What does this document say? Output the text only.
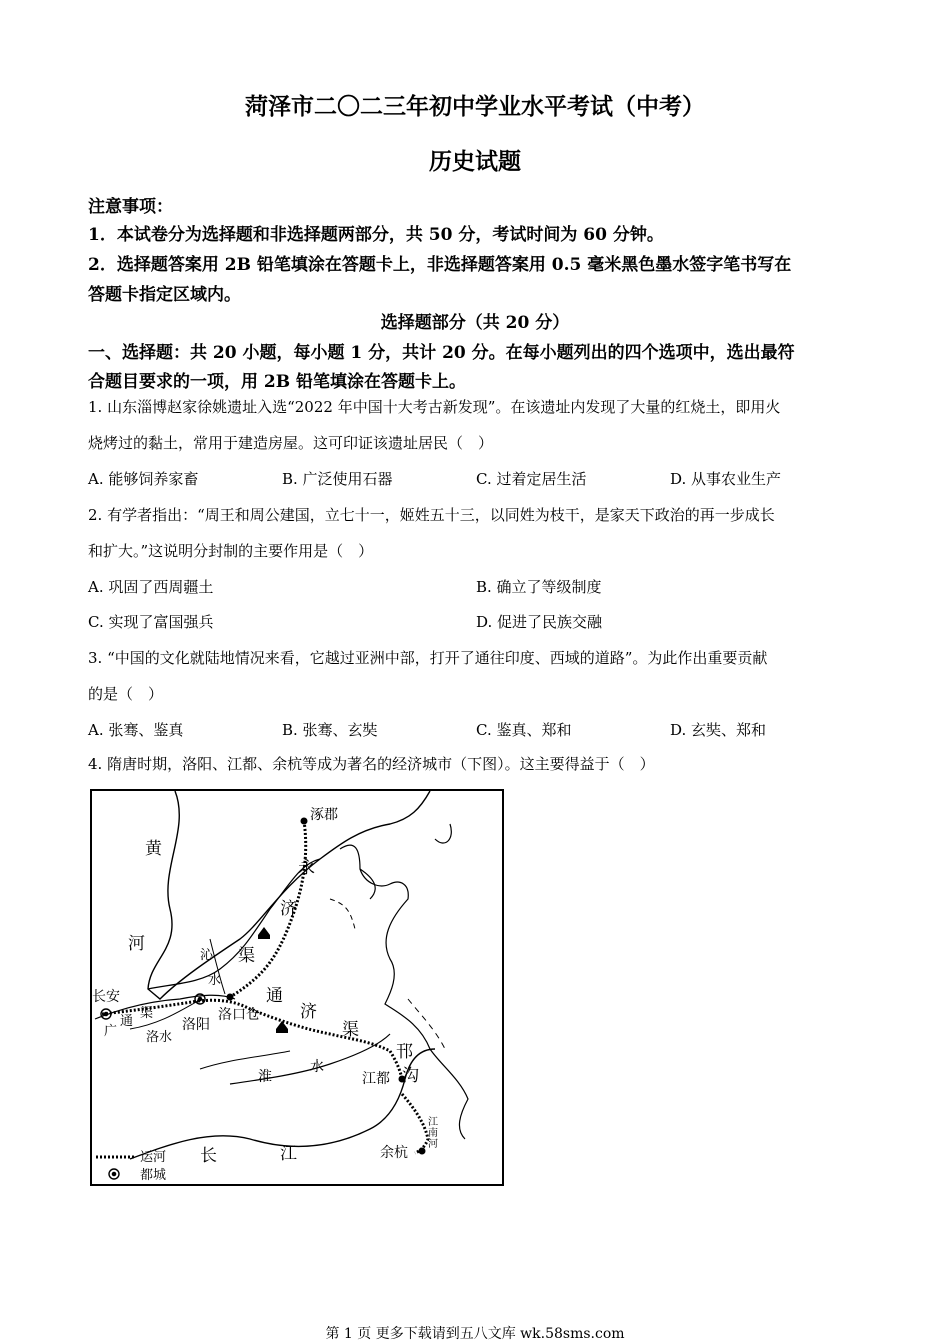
菏泽市二〇二三年初中学业水平考试（中考）
历史试题
注意事项：
1．本试卷分为选择题和非选择题两部分，共 50 分，考试时间为 60 分钟。
2．选择题答案用 2B 铅笔填涂在答题卡上，非选择题答案用 0.5 毫米黑色墨水签字笔书写在
答题卡指定区域内。
选择题部分（共 20 分）
一、选择题：共 20 小题，每小题 1 分，共计 20 分。在每小题列出的四个选项中，选出最符
合题目要求的一项，用 2B 铅笔填涂在答题卡上。
1. 山东淄博赵家徐姚遗址入选“2022 年中国十大考古新发现”。在该遗址内发现了大量的红烧土，即用火
烧烤过的黏土，常用于建造房屋。这可印证该遗址居民（　）
A. 能够饲养家畜	B. 广泛使用石器	C. 过着定居生活	D. 从事农业生产
2. 有学者指出：“周王和周公建国，立七十一，姬姓五十三，以同姓为枝干，是家天下政治的再一步成长
和扩大。”这说明分封制的主要作用是（　）
A. 巩固了西周疆土	B. 确立了等级制度
C. 实现了富国强兵	D. 促进了民族交融
3. “中国的文化就陆地情况来看，它越过亚洲中部，打开了通往印度、西域的道路”。为此作出重要贡献
的是（　）
A. 张骞、鉴真	B. 张骞、玄奘	C. 鉴真、郑和	D. 玄奘、郑和
4. 隋唐时期，洛阳、江都、余杭等成为著名的经济城市（下图）。这主要得益于（　）
涿郡
黄
河
永
济
渠
沁
水
长安
广
通
渠
洛水
洛阳
洛口仓
通
济
渠
淮
水
邗
沟
江都
江南河
长	江	余杭
运河
都城
第 1 页 更多下载请到五八文库 wk.58sms.com
